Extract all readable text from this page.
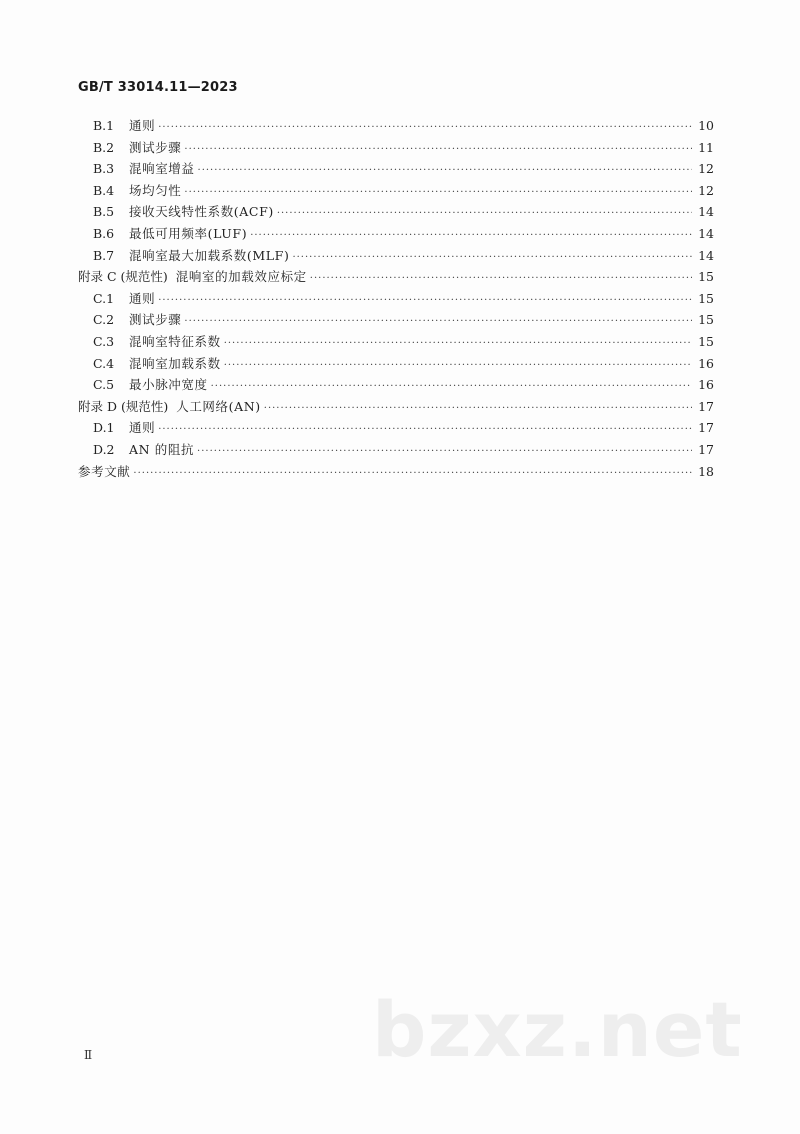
GB/T 33014.11—2023
B.1	通则 ·····	10
B.2	测试步骤 ·····	11
B.3	混响室增益 ·····	12
B.4	场均匀性 ·····	12
B.5	接收天线特性系数(ACF) ·····	14
B.6	最低可用频率(LUF) ·····	14
B.7	混响室最大加载系数(MLF) ·····	14
附录 C (规范性) 混响室的加载效应标定 ·····	15
C.1	通则 ·····	15
C.2	测试步骤 ·····	15
C.3	混响室特征系数 ·····	15
C.4	混响室加载系数 ·····	16
C.5	最小脉冲宽度 ·····	16
附录 D (规范性) 人工网络(AN) ·····	17
D.1	通则 ·····	17
D.2	AN 的阻抗 ·····	17
参考文献 ·····	18
bzxz.net
Ⅱ
